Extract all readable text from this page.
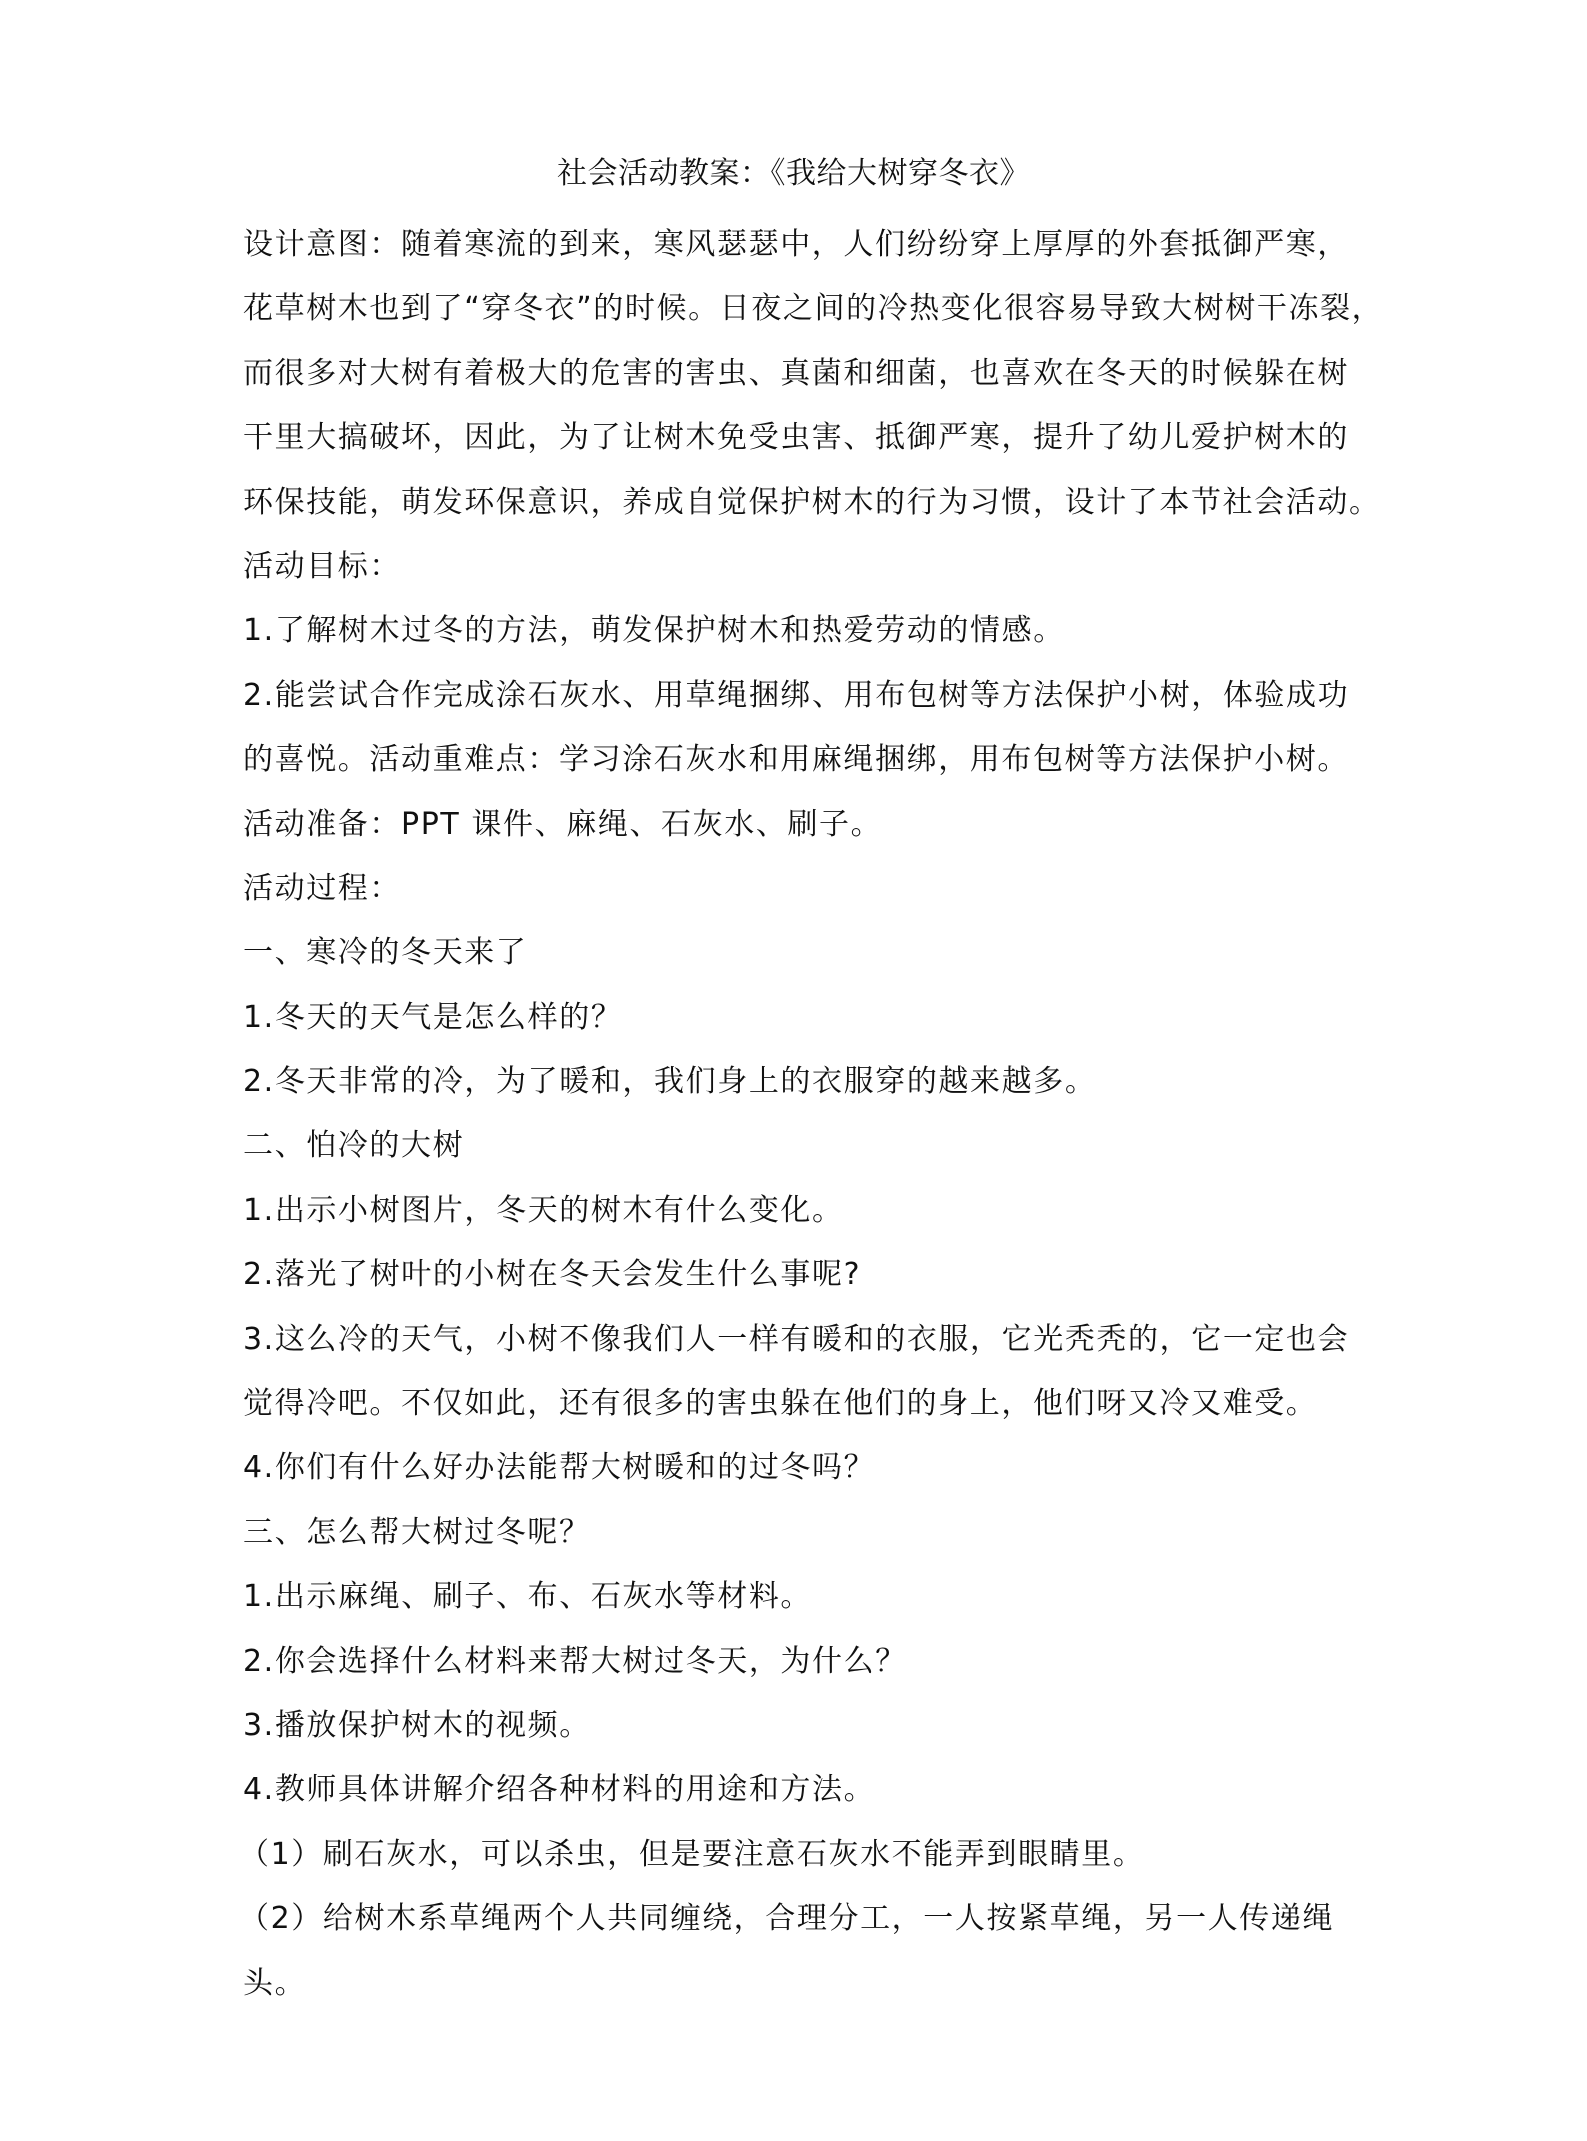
社会活动教案：《我给大树穿冬衣》
设计意图：随着寒流的到来，寒风瑟瑟中，人们纷纷穿上厚厚的外套抵御严寒，
花草树木也到了“穿冬衣”的时候。日夜之间的冷热变化很容易导致大树树干冻裂，
而很多对大树有着极大的危害的害虫、真菌和细菌，也喜欢在冬天的时候躲在树
干里大搞破坏，因此，为了让树木免受虫害、抵御严寒，提升了幼儿爱护树木的
环保技能，萌发环保意识，养成自觉保护树木的行为习惯，设计了本节社会活动。
活动目标：
1.了解树木过冬的方法，萌发保护树木和热爱劳动的情感。
2.能尝试合作完成涂石灰水、用草绳捆绑、用布包树等方法保护小树，体验成功
的喜悦。活动重难点：学习涂石灰水和用麻绳捆绑，用布包树等方法保护小树。
活动准备：PPT 课件、麻绳、石灰水、刷子。
活动过程：
一、寒冷的冬天来了
1.冬天的天气是怎么样的？
2.冬天非常的冷，为了暖和，我们身上的衣服穿的越来越多。
二、怕冷的大树
1.出示小树图片，冬天的树木有什么变化。
2.落光了树叶的小树在冬天会发生什么事呢?
3.这么冷的天气，小树不像我们人一样有暖和的衣服，它光秃秃的，它一定也会
觉得冷吧。不仅如此，还有很多的害虫躲在他们的身上，他们呀又冷又难受。
4.你们有什么好办法能帮大树暖和的过冬吗？
三、怎么帮大树过冬呢？
1.出示麻绳、刷子、布、石灰水等材料。
2.你会选择什么材料来帮大树过冬天，为什么？
3.播放保护树木的视频。
4.教师具体讲解介绍各种材料的用途和方法。
（1）刷石灰水，可以杀虫，但是要注意石灰水不能弄到眼睛里。
（2）给树木系草绳两个人共同缠绕，合理分工，一人按紧草绳，另一人传递绳
头。
